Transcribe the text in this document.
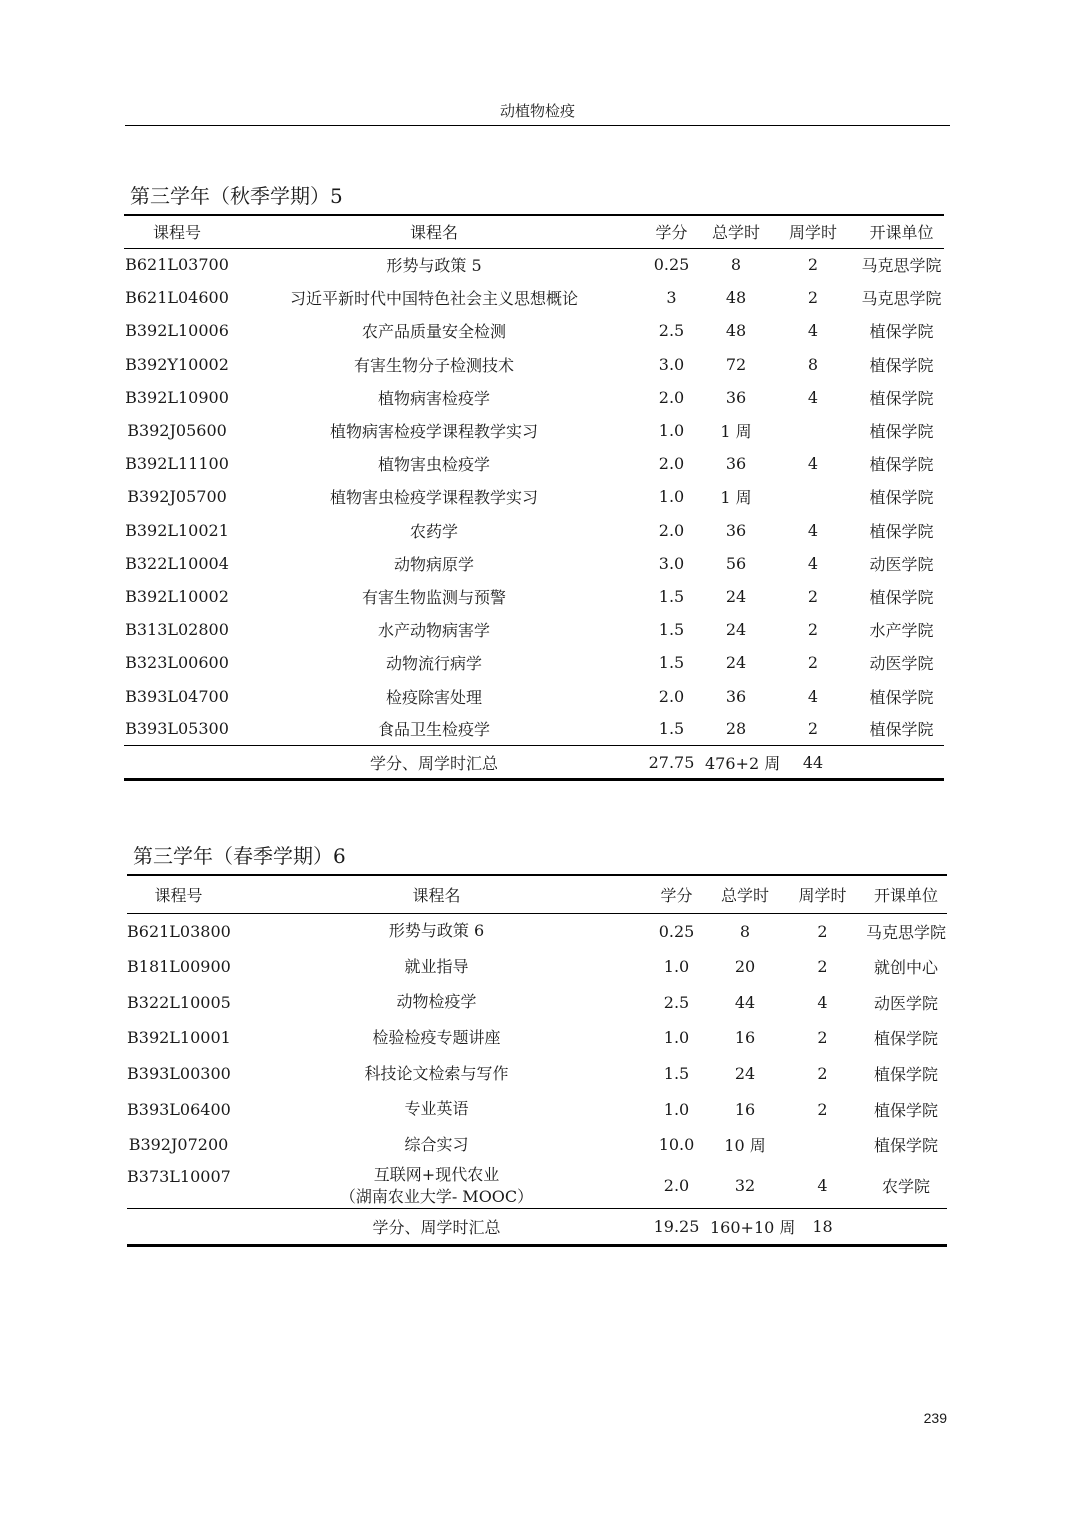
动植物检疫
第三学年（秋季学期）5
课程号	课程名	学分	总学时	周学时	开课单位
B621L03700	形势与政策 5	0.25	8	2	马克思学院
B621L04600	习近平新时代中国特色社会主义思想概论	3	48	2	马克思学院
B392L10006	农产品质量安全检测	2.5	48	4	植保学院
B392Y10002	有害生物分子检测技术	3.0	72	8	植保学院
B392L10900	植物病害检疫学	2.0	36	4	植保学院
B392J05600	植物病害检疫学课程教学实习	1.0	1 周		植保学院
B392L11100	植物害虫检疫学	2.0	36	4	植保学院
B392J05700	植物害虫检疫学课程教学实习	1.0	1 周		植保学院
B392L10021	农药学	2.0	36	4	植保学院
B322L10004	动物病原学	3.0	56	4	动医学院
B392L10002	有害生物监测与预警	1.5	24	2	植保学院
B313L02800	水产动物病害学	1.5	24	2	水产学院
B323L00600	动物流行病学	1.5	24	2	动医学院
B393L04700	检疫除害处理	2.0	36	4	植保学院
B393L05300	食品卫生检疫学	1.5	28	2	植保学院
	学分、周学时汇总	27.75	476+2 周	44	
第三学年（春季学期）6
课程号	课程名	学分	总学时	周学时	开课单位
B621L03800	形势与政策 6	0.25	8	2	马克思学院
B181L00900	就业指导	1.0	20	2	就创中心
B322L10005	动物检疫学	2.5	44	4	动医学院
B392L10001	检验检疫专题讲座	1.0	16	2	植保学院
B393L00300	科技论文检索与写作	1.5	24	2	植保学院
B393L06400	专业英语	1.0	16	2	植保学院
B392J07200	综合实习	10.0	10 周		植保学院
B373L10007	互联网+现代农业
（湖南农业大学- MOOC）	2.0	32	4	农学院
	学分、周学时汇总	19.25	160+10 周	18	
239
